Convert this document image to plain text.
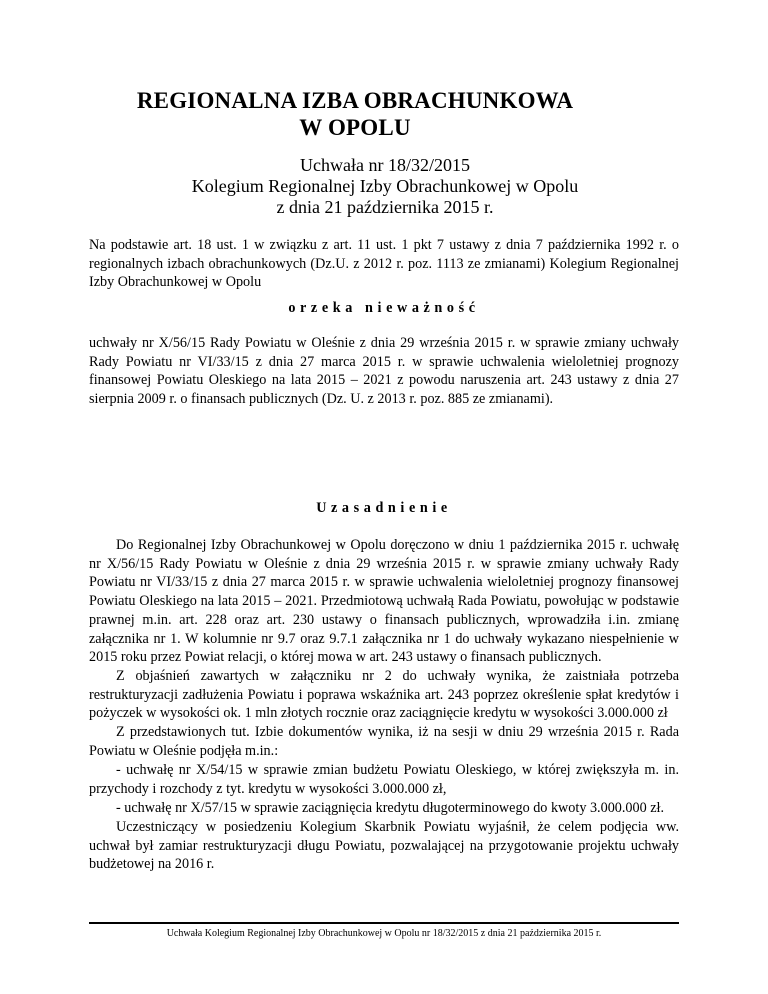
REGIONALNA IZBA OBRACHUNKOWA
W OPOLU
Uchwała nr 18/32/2015
Kolegium Regionalnej Izby Obrachunkowej w Opolu
z dnia 21 października 2015 r.
Na podstawie art. 18 ust. 1 w związku z art. 11 ust. 1 pkt 7 ustawy z dnia 7 października 1992 r. o regionalnych izbach obrachunkowych (Dz.U. z 2012 r. poz. 1113 ze zmianami) Kolegium Regionalnej Izby Obrachunkowej w Opolu
orzeka nieważność
uchwały nr X/56/15 Rady Powiatu w Oleśnie z dnia 29 września 2015 r. w sprawie zmiany uchwały Rady Powiatu nr VI/33/15 z dnia 27 marca 2015 r. w sprawie uchwalenia wieloletniej prognozy finansowej Powiatu Oleskiego na lata 2015 – 2021 z powodu naruszenia art. 243 ustawy z dnia 27 sierpnia 2009 r. o finansach publicznych (Dz. U. z 2013 r. poz. 885 ze zmianami).
Uzasadnienie
Do Regionalnej Izby Obrachunkowej w Opolu doręczono w dniu 1 października 2015 r. uchwałę nr X/56/15 Rady Powiatu w Oleśnie z dnia 29 września 2015 r. w sprawie zmiany uchwały Rady Powiatu nr VI/33/15 z dnia 27 marca 2015 r. w sprawie uchwalenia wieloletniej prognozy finansowej Powiatu Oleskiego na lata 2015 – 2021. Przedmiotową uchwałą Rada Powiatu, powołując w podstawie prawnej m.in. art. 228 oraz art. 230 ustawy o finansach publicznych, wprowadziła i.in. zmianę załącznika nr 1. W kolumnie nr 9.7 oraz 9.7.1 załącznika nr 1 do uchwały wykazano niespełnienie w 2015 roku przez Powiat relacji, o której mowa w art. 243 ustawy o finansach publicznych.
Z objaśnień zawartych w załączniku nr 2 do uchwały wynika, że zaistniała potrzeba restrukturyzacji zadłużenia Powiatu i poprawa wskaźnika art. 243 poprzez określenie spłat kredytów i pożyczek w wysokości ok. 1 mln złotych rocznie oraz zaciągnięcie kredytu w wysokości 3.000.000 zł
Z przedstawionych tut. Izbie dokumentów wynika, iż na sesji w dniu 29 września 2015 r. Rada Powiatu w Oleśnie podjęła m.in.:
- uchwałę nr X/54/15 w sprawie zmian budżetu Powiatu Oleskiego, w której zwiększyła m. in. przychody i rozchody z tyt. kredytu w wysokości 3.000.000 zł,
- uchwałę nr X/57/15 w sprawie zaciągnięcia kredytu długoterminowego do kwoty 3.000.000 zł.
Uczestniczący w posiedzeniu Kolegium Skarbnik Powiatu wyjaśnił, że celem podjęcia ww. uchwał był zamiar restrukturyzacji długu Powiatu, pozwalającej na przygotowanie projektu uchwały budżetowej na 2016 r.
Uchwała Kolegium Regionalnej Izby Obrachunkowej w Opolu nr 18/32/2015 z dnia 21 października 2015 r.
